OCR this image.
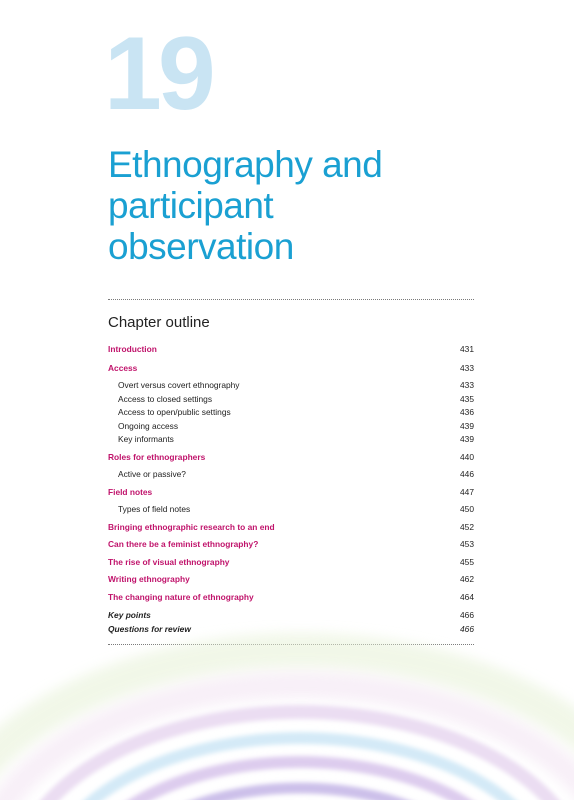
19
Ethnography and
participant
observation
Chapter outline
Introduction	431
Access	433
Overt versus covert ethnography	433
Access to closed settings	435
Access to open/public settings	436
Ongoing access	439
Key informants	439
Roles for ethnographers	440
Active or passive?	446
Field notes	447
Types of field notes	450
Bringing ethnographic research to an end	452
Can there be a feminist ethnography?	453
The rise of visual ethnography	455
Writing ethnography	462
The changing nature of ethnography	464
Key points	466
Questions for review	466
